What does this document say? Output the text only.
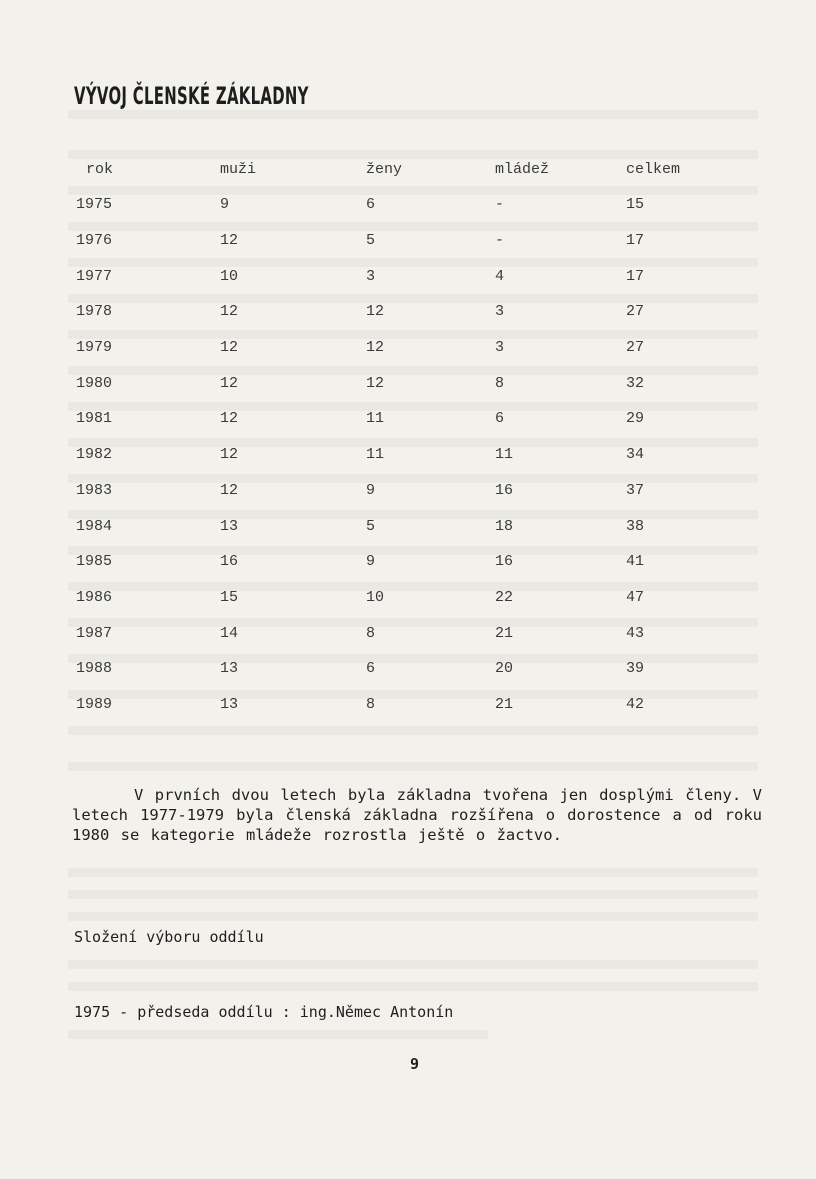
VÝVOJ ČLENSKÉ ZÁKLADNY
rok	muži	ženy	mládež	celkem
1975	9	6	-	15
1976	12	5	-	17
1977	10	3	4	17
1978	12	12	3	27
1979	12	12	3	27
1980	12	12	8	32
1981	12	11	6	29
1982	12	11	11	34
1983	12	9	16	37
1984	13	5	18	38
1985	16	9	16	41
1986	15	10	22	47
1987	14	8	21	43
1988	13	6	20	39
1989	13	8	21	42
V prvních dvou letech byla základna tvořena jen dosplými členy. V letech 1977-1979 byla členská základna rozšířena o dorostence a od roku 1980 se kategorie mládeže rozrostla ještě o žactvo.
Složení výboru oddílu
1975 - předseda oddílu : ing.Němec Antonín
9
